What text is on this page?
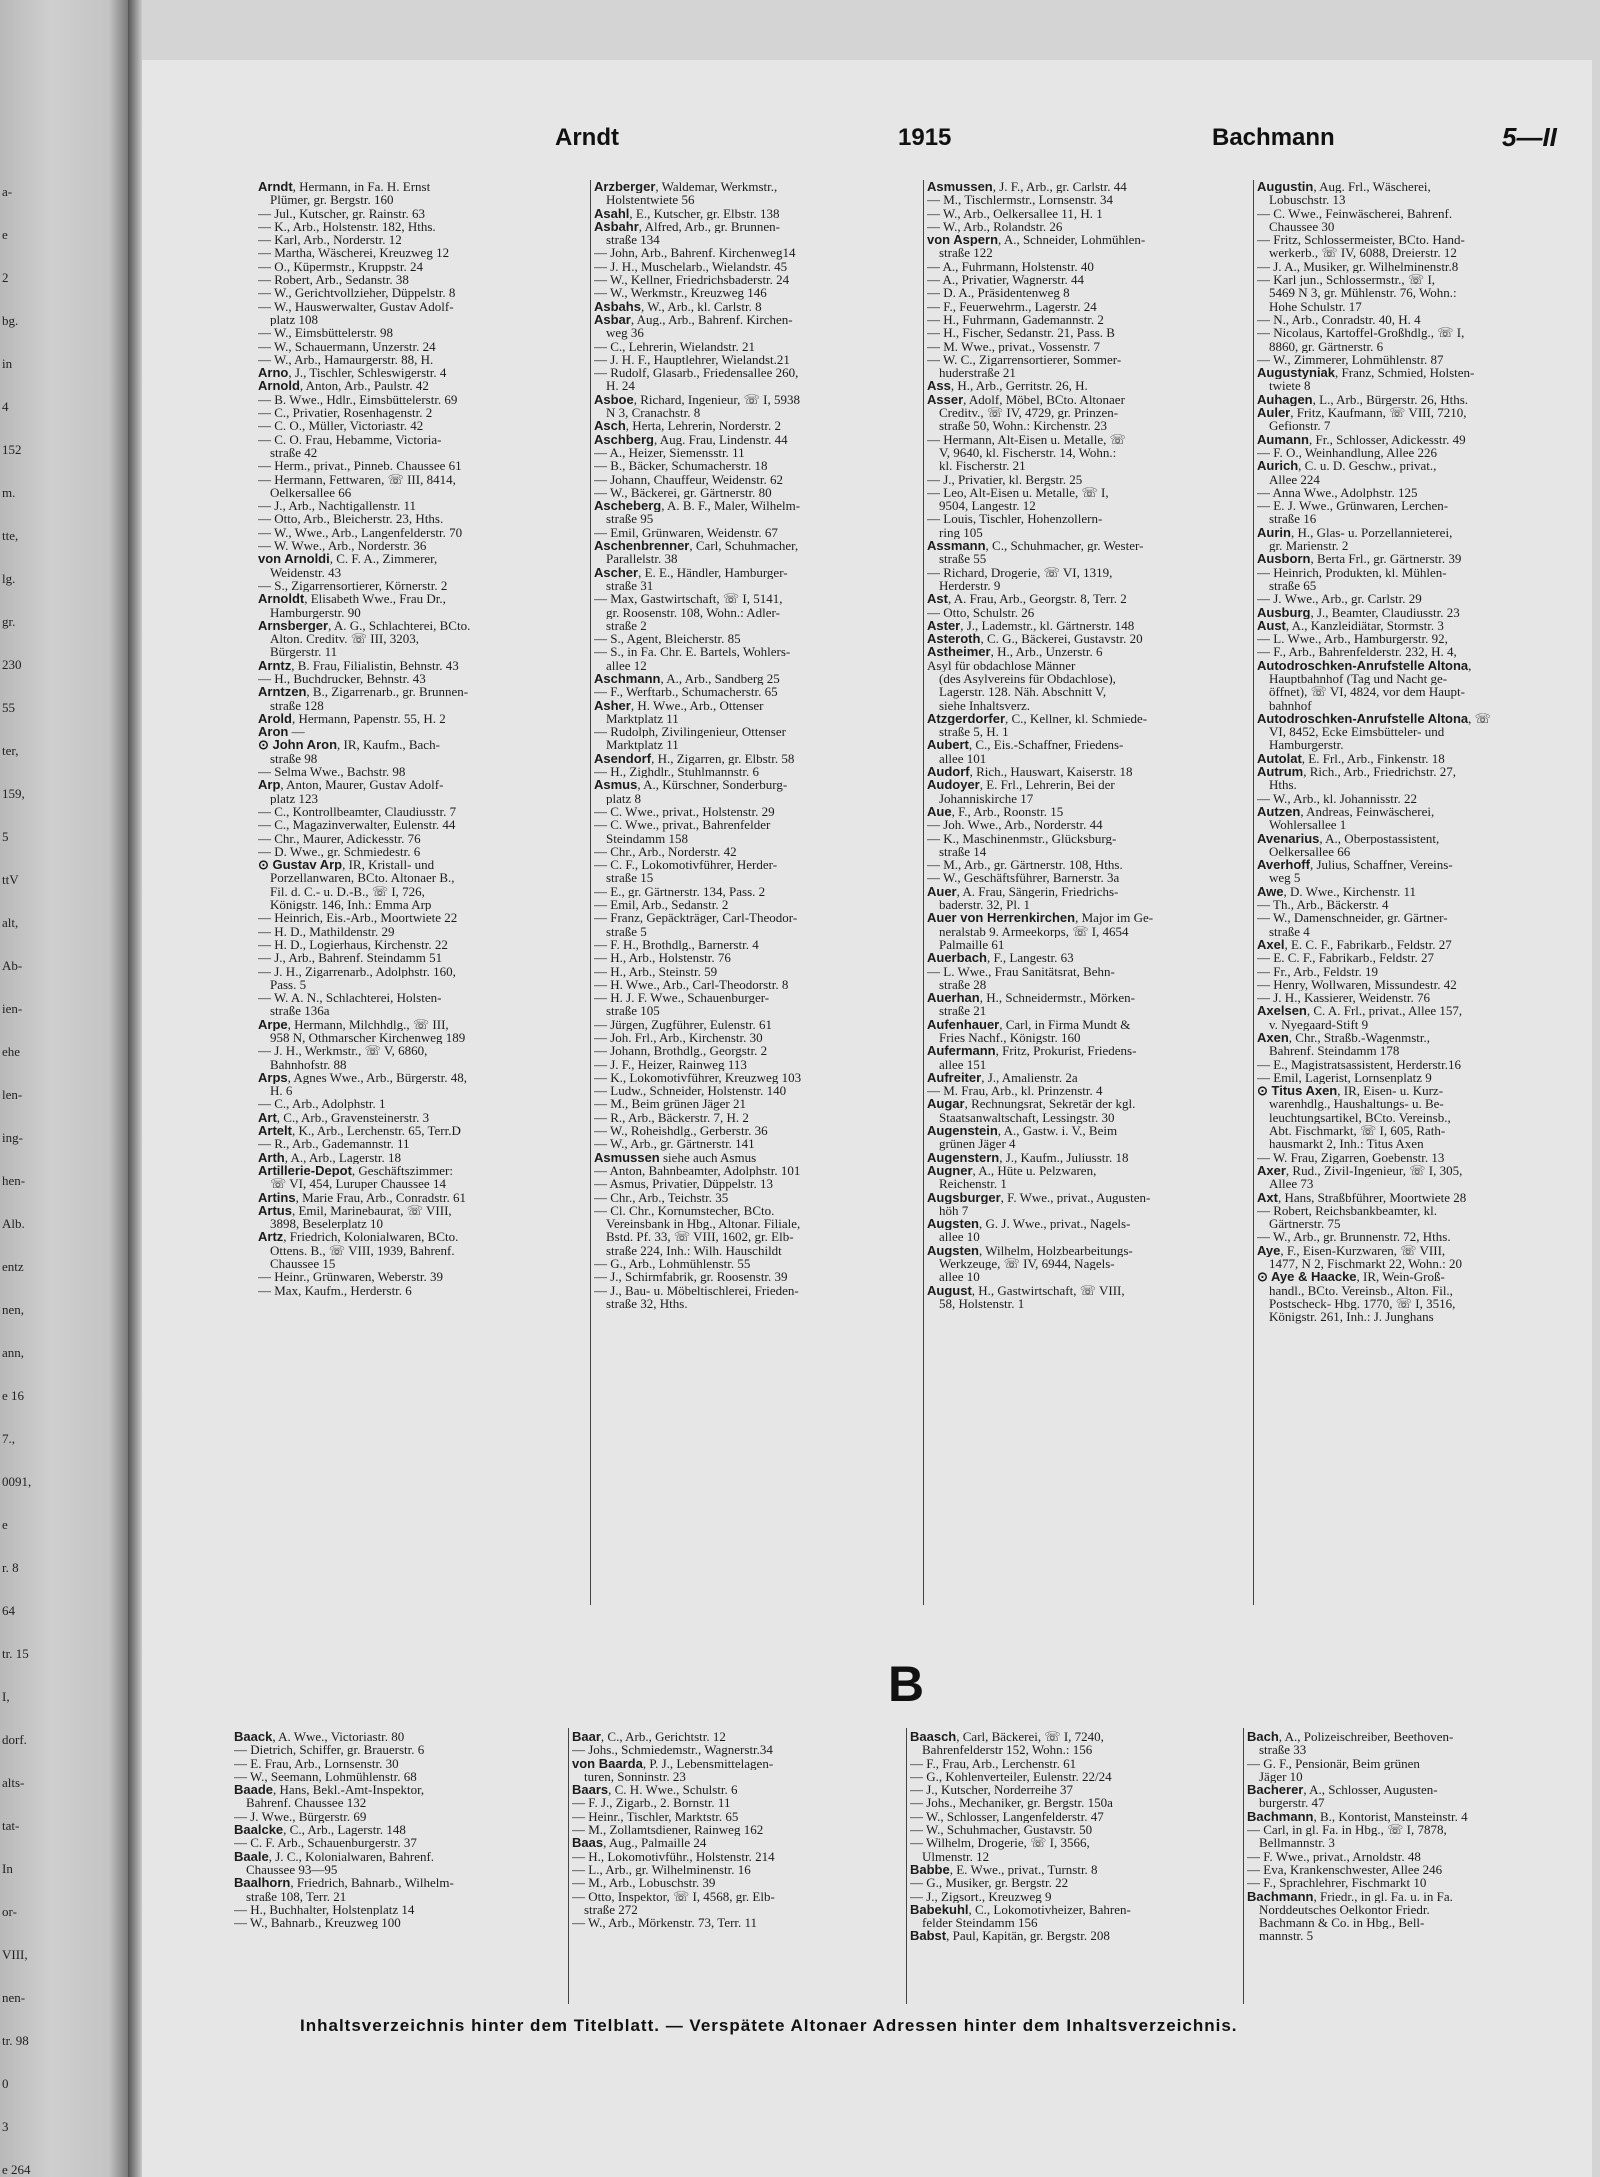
a-
e
2
bg.
in
4
152
m.
tte,
lg.
gr.
230
55
ter,
159,
5
ttV
alt,
Ab-
ien-
ehe
len-
ing-
hen-
Alb.
entz
nen,
ann,
e 16
7.,
0091,
e
r. 8
64
tr. 15
I,
dorf.
alts-
tat-
In
or-
VIII,
nen-
tr. 98
0
3
e 264
Arndt	1915	Bachmann	5—II

Arndt, Hermann, in Fa. H. Ernst

Plümer, gr. Bergstr. 160

— Jul., Kutscher, gr. Rainstr. 63

— K., Arb., Holstenstr. 182, Hths.

— Karl, Arb., Norderstr. 12

— Martha, Wäscherei, Kreuzweg 12

— O., Küpermstr., Kruppstr. 24

— Robert, Arb., Sedanstr. 38

— W., Gerichtvollzieher, Düppelstr. 8

— W., Hauswerwalter, Gustav Adolf-

platz 108

— W., Eimsbüttelerstr. 98

— W., Schauermann, Unzerstr. 24

— W., Arb., Hamaurgerstr. 88, H.

Arno, J., Tischler, Schleswigerstr. 4

Arnold, Anton, Arb., Paulstr. 42

— B. Wwe., Hdlr., Eimsbüttelerstr. 69

— C., Privatier, Rosenhagenstr. 2

— C. O., Müller, Victoriastr. 42

— C. O. Frau, Hebamme, Victoria-

straße 42

— Herm., privat., Pinneb. Chaussee 61

— Hermann, Fettwaren, ☏ III, 8414,

Oelkersallee 66

— J., Arb., Nachtigallenstr. 11

— Otto, Arb., Bleicherstr. 23, Hths.

— W., Wwe., Arb., Langenfelderstr. 70

— W. Wwe., Arb., Norderstr. 36

von Arnoldi, C. F. A., Zimmerer,

Weidenstr. 43

— S., Zigarrensortierer, Körnerstr. 2

Arnoldt, Elisabeth Wwe., Frau Dr.,

Hamburgerstr. 90

Arnsberger, A. G., Schlachterei, BCto.

Alton. Creditv. ☏ III, 3203,

Bürgerstr. 11

Arntz, B. Frau, Filialistin, Behnstr. 43

— H., Buchdrucker, Behnstr. 43

Arntzen, B., Zigarrenarb., gr. Brunnen-

straße 128

Arold, Hermann, Papenstr. 55, H. 2

Aron —

⊙ John Aron, IR, Kaufm., Bach-

straße 98

— Selma Wwe., Bachstr. 98

Arp, Anton, Maurer, Gustav Adolf-

platz 123

— C., Kontrollbeamter, Claudiusstr. 7

— C., Magazinverwalter, Eulenstr. 44

— Chr., Maurer, Adickesstr. 76

— D. Wwe., gr. Schmiedestr. 6

⊙ Gustav Arp, IR, Kristall- und

Porzellanwaren, BCto. Altonaer B.,

Fil. d. C.- u. D.-B., ☏ I, 726,

Königstr. 146, Inh.: Emma Arp

— Heinrich, Eis.-Arb., Moortwiete 22

— H. D., Mathildenstr. 29

— H. D., Logierhaus, Kirchenstr. 22

— J., Arb., Bahrenf. Steindamm 51

— J. H., Zigarrenarb., Adolphstr. 160,

Pass. 5

— W. A. N., Schlachterei, Holsten-

straße 136a

Arpe, Hermann, Milchhdlg., ☏ III,

958 N, Othmarscher Kirchenweg 189

— J. H., Werkmstr., ☏ V, 6860,

Bahnhofstr. 88

Arps, Agnes Wwe., Arb., Bürgerstr. 48,

H. 6

— C., Arb., Adolphstr. 1

Art, C., Arb., Gravensteinerstr. 3

Artelt, K., Arb., Lerchenstr. 65, Terr.D

— R., Arb., Gademannstr. 11

Arth, A., Arb., Lagerstr. 18

Artillerie-Depot, Geschäftszimmer:

☏ VI, 454, Luruper Chaussee 14

Artins, Marie Frau, Arb., Conradstr. 61

Artus, Emil, Marinebaurat, ☏ VIII,

3898, Beselerplatz 10

Artz, Friedrich, Kolonialwaren, BCto.

Ottens. B., ☏ VIII, 1939, Bahrenf.

Chaussee 15

— Heinr., Grünwaren, Weberstr. 39

— Max, Kaufm., Herderstr. 6

Arzberger, Waldemar, Werkmstr.,

Holstentwiete 56

Asahl, E., Kutscher, gr. Elbstr. 138

Asbahr, Alfred, Arb., gr. Brunnen-

straße 134

— John, Arb., Bahrenf. Kirchenweg14

— J. H., Muschelarb., Wielandstr. 45

— W., Kellner, Friedrichsbaderstr. 24

— W., Werkmstr., Kreuzweg 146

Asbahs, W., Arb., kl. Carlstr. 8

Asbar, Aug., Arb., Bahrenf. Kirchen-

weg 36

— C., Lehrerin, Wielandstr. 21

— J. H. F., Hauptlehrer, Wielandst.21

— Rudolf, Glasarb., Friedensallee 260,

H. 24

Asboe, Richard, Ingenieur, ☏ I, 5938

N 3, Cranachstr. 8

Asch, Herta, Lehrerin, Norderstr. 2

Aschberg, Aug. Frau, Lindenstr. 44

— A., Heizer, Siemensstr. 11

— B., Bäcker, Schumacherstr. 18

— Johann, Chauffeur, Weidenstr. 62

— W., Bäckerei, gr. Gärtnerstr. 80

Ascheberg, A. B. F., Maler, Wilhelm-

straße 95

— Emil, Grünwaren, Weidenstr. 67

Aschenbrenner, Carl, Schuhmacher,

Parallelstr. 38

Ascher, E. E., Händler, Hamburger-

straße 31

— Max, Gastwirtschaft, ☏ I, 5141,

gr. Roosenstr. 108, Wohn.: Adler-

straße 2

— S., Agent, Bleicherstr. 85

— S., in Fa. Chr. E. Bartels, Wohlers-

allee 12

Aschmann, A., Arb., Sandberg 25

— F., Werftarb., Schumacherstr. 65

Asher, H. Wwe., Arb., Ottenser

Marktplatz 11

— Rudolph, Zivilingenieur, Ottenser

Marktplatz 11

Asendorf, H., Zigarren, gr. Elbstr. 58

— H., Zighdlr., Stuhlmannstr. 6

Asmus, A., Kürschner, Sonderburg-

platz 8

— C. Wwe., privat., Holstenstr. 29

— C. Wwe., privat., Bahrenfelder

Steindamm 158

— Chr., Arb., Norderstr. 42

— C. F., Lokomotivführer, Herder-

straße 15

— E., gr. Gärtnerstr. 134, Pass. 2

— Emil, Arb., Sedanstr. 2

— Franz, Gepäckträger, Carl-Theodor-

straße 5

— F. H., Brothdlg., Barnerstr. 4

— H., Arb., Holstenstr. 76

— H., Arb., Steinstr. 59

— H. Wwe., Arb., Carl-Theodorstr. 8

— H. J. F. Wwe., Schauenburger-

straße 105

— Jürgen, Zugführer, Eulenstr. 61

— Joh. Frl., Arb., Kirchenstr. 30

— Johann, Brothdlg., Georgstr. 2

— J. F., Heizer, Rainweg 113

— K., Lokomotivführer, Kreuzweg 103

— Ludw., Schneider, Holstenstr. 140

— M., Beim grünen Jäger 21

— R., Arb., Bäckerstr. 7, H. 2

— W., Roheishdlg., Gerberstr. 36

— W., Arb., gr. Gärtnerstr. 141

Asmussen siehe auch Asmus

— Anton, Bahnbeamter, Adolphstr. 101

— Asmus, Privatier, Düppelstr. 13

— Chr., Arb., Teichstr. 35

— Cl. Chr., Kornumstecher, BCto.

Vereinsbank in Hbg., Altonar. Filiale,

Bstd. Pf. 33, ☏ VIII, 1602, gr. Elb-

straße 224, Inh.: Wilh. Hauschildt

— G., Arb., Lohmühlenstr. 55

— J., Schirmfabrik, gr. Roosenstr. 39

— J., Bau- u. Möbeltischlerei, Frieden-

straße 32, Hths.

Asmussen, J. F., Arb., gr. Carlstr. 44

— M., Tischlermstr., Lornsenstr. 34

— W., Arb., Oelkersallee 11, H. 1

— W., Arb., Rolandstr. 26

von Aspern, A., Schneider, Lohmühlen-

straße 122

— A., Fuhrmann, Holstenstr. 40

— A., Privatier, Wagnerstr. 44

— D. A., Präsidentenweg 8

— F., Feuerwehrm., Lagerstr. 24

— H., Fuhrmann, Gademannstr. 2

— H., Fischer, Sedanstr. 21, Pass. B

— M. Wwe., privat., Vossenstr. 7

— W. C., Zigarrensortierer, Sommer-

huderstraße 21

Ass, H., Arb., Gerritstr. 26, H.

Asser, Adolf, Möbel, BCto. Altonaer

Creditv., ☏ IV, 4729, gr. Prinzen-

straße 50, Wohn.: Kirchenstr. 23

— Hermann, Alt-Eisen u. Metalle, ☏

V, 9640, kl. Fischerstr. 14, Wohn.:

kl. Fischerstr. 21

— J., Privatier, kl. Bergstr. 25

— Leo, Alt-Eisen u. Metalle, ☏ I,

9504, Langestr. 12

— Louis, Tischler, Hohenzollern-

ring 105

Assmann, C., Schuhmacher, gr. Wester-

straße 55

— Richard, Drogerie, ☏ VI, 1319,

Herderstr. 9

Ast, A. Frau, Arb., Georgstr. 8, Terr. 2

— Otto, Schulstr. 26

Aster, J., Lademstr., kl. Gärtnerstr. 148

Asteroth, C. G., Bäckerei, Gustavstr. 20

Astheimer, H., Arb., Unzerstr. 6

Asyl für obdachlose Männer

(des Asylvereins für Obdachlose),

Lagerstr. 128. Näh. Abschnitt V,

siehe Inhaltsverz.

Atzgerdorfer, C., Kellner, kl. Schmiede-

straße 5, H. 1

Aubert, C., Eis.-Schaffner, Friedens-

allee 101

Audorf, Rich., Hauswart, Kaiserstr. 18

Audoyer, E. Frl., Lehrerin, Bei der

Johanniskirche 17

Aue, F., Arb., Roonstr. 15

— Joh. Wwe., Arb., Norderstr. 44

— K., Maschinenmstr., Glücksburg-

straße 14

— M., Arb., gr. Gärtnerstr. 108, Hths.

— W., Geschäftsführer, Barnerstr. 3a

Auer, A. Frau, Sängerin, Friedrichs-

baderstr. 32, Pl. 1

Auer von Herrenkirchen, Major im Ge-

neralstab 9. Armeekorps, ☏ I, 4654

Palmaille 61

Auerbach, F., Langestr. 63

— L. Wwe., Frau Sanitätsrat, Behn-

straße 28

Auerhan, H., Schneidermstr., Mörken-

straße 21

Aufenhauer, Carl, in Firma Mundt &

Fries Nachf., Königstr. 160

Aufermann, Fritz, Prokurist, Friedens-

allee 151

Aufreiter, J., Amalienstr. 2a

— M. Frau, Arb., kl. Prinzenstr. 4

Augar, Rechnungsrat, Sekretär der kgl.

Staatsanwaltschaft, Lessingstr. 30

Augenstein, A., Gastw. i. V., Beim

grünen Jäger 4

Augenstern, J., Kaufm., Juliusstr. 18

Augner, A., Hüte u. Pelzwaren,

Reichenstr. 1

Augsburger, F. Wwe., privat., Augusten-

höh 7

Augsten, G. J. Wwe., privat., Nagels-

allee 10

Augsten, Wilhelm, Holzbearbeitungs-

Werkzeuge, ☏ IV, 6944, Nagels-

allee 10

August, H., Gastwirtschaft, ☏ VIII,

58, Holstenstr. 1

Augustin, Aug. Frl., Wäscherei,

Lobuschstr. 13

— C. Wwe., Feinwäscherei, Bahrenf.

Chaussee 30

— Fritz, Schlossermeister, BCto. Hand-

werkerb., ☏ IV, 6088, Dreierstr. 12

— J. A., Musiker, gr. Wilhelminenstr.8

— Karl jun., Schlossermstr., ☏ I,

5469 N 3, gr. Mühlenstr. 76, Wohn.:

Hohe Schulstr. 17

— N., Arb., Conradstr. 40, H. 4

— Nicolaus, Kartoffel-Großhdlg., ☏ I,

8860, gr. Gärtnerstr. 6

— W., Zimmerer, Lohmühlenstr. 87

Augustyniak, Franz, Schmied, Holsten-

twiete 8

Auhagen, L., Arb., Bürgerstr. 26, Hths.

Auler, Fritz, Kaufmann, ☏ VIII, 7210,

Gefionstr. 7

Aumann, Fr., Schlosser, Adickesstr. 49

— F. O., Weinhandlung, Allee 226

Aurich, C. u. D. Geschw., privat.,

Allee 224

— Anna Wwe., Adolphstr. 125

— E. J. Wwe., Grünwaren, Lerchen-

straße 16

Aurin, H., Glas- u. Porzellannieterei,

gr. Marienstr. 2

Ausborn, Berta Frl., gr. Gärtnerstr. 39

— Heinrich, Produkten, kl. Mühlen-

straße 65

— J. Wwe., Arb., gr. Carlstr. 29

Ausburg, J., Beamter, Claudiusstr. 23

Aust, A., Kanzleidiätar, Stormstr. 3

— L. Wwe., Arb., Hamburgerstr. 92,

— F., Arb., Bahrenfelderstr. 232, H. 4,

Autodroschken-Anrufstelle Altona,

Hauptbahnhof (Tag und Nacht ge-

öffnet), ☏ VI, 4824, vor dem Haupt-

bahnhof

Autodroschken-Anrufstelle Altona, ☏

VI, 8452, Ecke Eimsbütteler- und

Hamburgerstr.

Autolat, E. Frl., Arb., Finkenstr. 18

Autrum, Rich., Arb., Friedrichstr. 27,

Hths.

— W., Arb., kl. Johannisstr. 22

Autzen, Andreas, Feinwäscherei,

Wohlersallee 1

Avenarius, A., Oberpostassistent,

Oelkersallee 66

Averhoff, Julius, Schaffner, Vereins-

weg 5

Awe, D. Wwe., Kirchenstr. 11

— Th., Arb., Bäckerstr. 4

— W., Damenschneider, gr. Gärtner-

straße 4

Axel, E. C. F., Fabrikarb., Feldstr. 27

— E. C. F., Fabrikarb., Feldstr. 27

— Fr., Arb., Feldstr. 19

— Henry, Wollwaren, Missundestr. 42

— J. H., Kassierer, Weidenstr. 76

Axelsen, C. A. Frl., privat., Allee 157,

v. Nyegaard-Stift 9

Axen, Chr., Straßb.-Wagenmstr.,

Bahrenf. Steindamm 178

— E., Magistratsassistent, Herderstr.16

— Emil, Lagerist, Lornsenplatz 9

⊙ Titus Axen, IR, Eisen- u. Kurz-

warenhdlg., Haushaltungs- u. Be-

leuchtungsartikel, BCto. Vereinsb.,

Abt. Fischmarkt, ☏ I, 605, Rath-

hausmarkt 2, Inh.: Titus Axen

— W. Frau, Zigarren, Goebenstr. 13

Axer, Rud., Zivil-Ingenieur, ☏ I, 305,

Allee 73

Axt, Hans, Straßbführer, Moortwiete 28

— Robert, Reichsbankbeamter, kl.

Gärtnerstr. 75

— W., Arb., gr. Brunnenstr. 72, Hths.

Aye, F., Eisen-Kurzwaren, ☏ VIII,

1477, N 2, Fischmarkt 22, Wohn.: 20

⊙ Aye & Haacke, IR, Wein-Groß-

handl., BCto. Vereinsb., Alton. Fil.,

Postscheck- Hbg. 1770, ☏ I, 3516,

Königstr. 261, Inh.: J. Junghans

B

Baack, A. Wwe., Victoriastr. 80

— Dietrich, Schiffer, gr. Brauerstr. 6

— E. Frau, Arb., Lornsenstr. 30

— W., Seemann, Lohmühlenstr. 68

Baade, Hans, Bekl.-Amt-Inspektor,

Bahrenf. Chaussee 132

— J. Wwe., Bürgerstr. 69

Baalcke, C., Arb., Lagerstr. 148

— C. F. Arb., Schauenburgerstr. 37

Baale, J. C., Kolonialwaren, Bahrenf.

Chaussee 93—95

Baalhorn, Friedrich, Bahnarb., Wilhelm-

straße 108, Terr. 21

— H., Buchhalter, Holstenplatz 14

— W., Bahnarb., Kreuzweg 100

Baar, C., Arb., Gerichtstr. 12

— Johs., Schmiedemstr., Wagnerstr.34

von Baarda, P. J., Lebensmittelagen-

turen, Sonninstr. 23

Baars, C. H. Wwe., Schulstr. 6

— F. J., Zigarb., 2. Bornstr. 11

— Heinr., Tischler, Marktstr. 65

— M., Zollamtsdiener, Rainweg 162

Baas, Aug., Palmaille 24

— H., Lokomotivführ., Holstenstr. 214

— L., Arb., gr. Wilhelminenstr. 16

— M., Arb., Lobuschstr. 39

— Otto, Inspektor, ☏ I, 4568, gr. Elb-

straße 272

— W., Arb., Mörkenstr. 73, Terr. 11

Baasch, Carl, Bäckerei, ☏ I, 7240,

Bahrenfelderstr 152, Wohn.: 156

— F., Frau, Arb., Lerchenstr. 61

— G., Kohlenverteiler, Eulenstr. 22/24

— J., Kutscher, Norderreihe 37

— Johs., Mechaniker, gr. Bergstr. 150a

— W., Schlosser, Langenfelderstr. 47

— W., Schuhmacher, Gustavstr. 50

— Wilhelm, Drogerie, ☏ I, 3566,

Ulmenstr. 12

Babbe, E. Wwe., privat., Turnstr. 8

— G., Musiker, gr. Bergstr. 22

— J., Zigsort., Kreuzweg 9

Babekuhl, C., Lokomotivheizer, Bahren-

felder Steindamm 156

Babst, Paul, Kapitän, gr. Bergstr. 208

Bach, A., Polizeischreiber, Beethoven-

straße 33

— G. F., Pensionär, Beim grünen

Jäger 10

Bacherer, A., Schlosser, Augusten-

burgerstr. 47

Bachmann, B., Kontorist, Mansteinstr. 4

— Carl, in gl. Fa. in Hbg., ☏ I, 7878,

Bellmannstr. 3

— F. Wwe., privat., Arnoldstr. 48

— Eva, Krankenschwester, Allee 246

— F., Sprachlehrer, Fischmarkt 10

Bachmann, Friedr., in gl. Fa. u. in Fa.

Norddeutsches Oelkontor Friedr.

Bachmann & Co. in Hbg., Bell-

mannstr. 5

Inhaltsverzeichnis hinter dem Titelblatt. — Verspätete Altonaer Adressen hinter dem Inhaltsverzeichnis.
